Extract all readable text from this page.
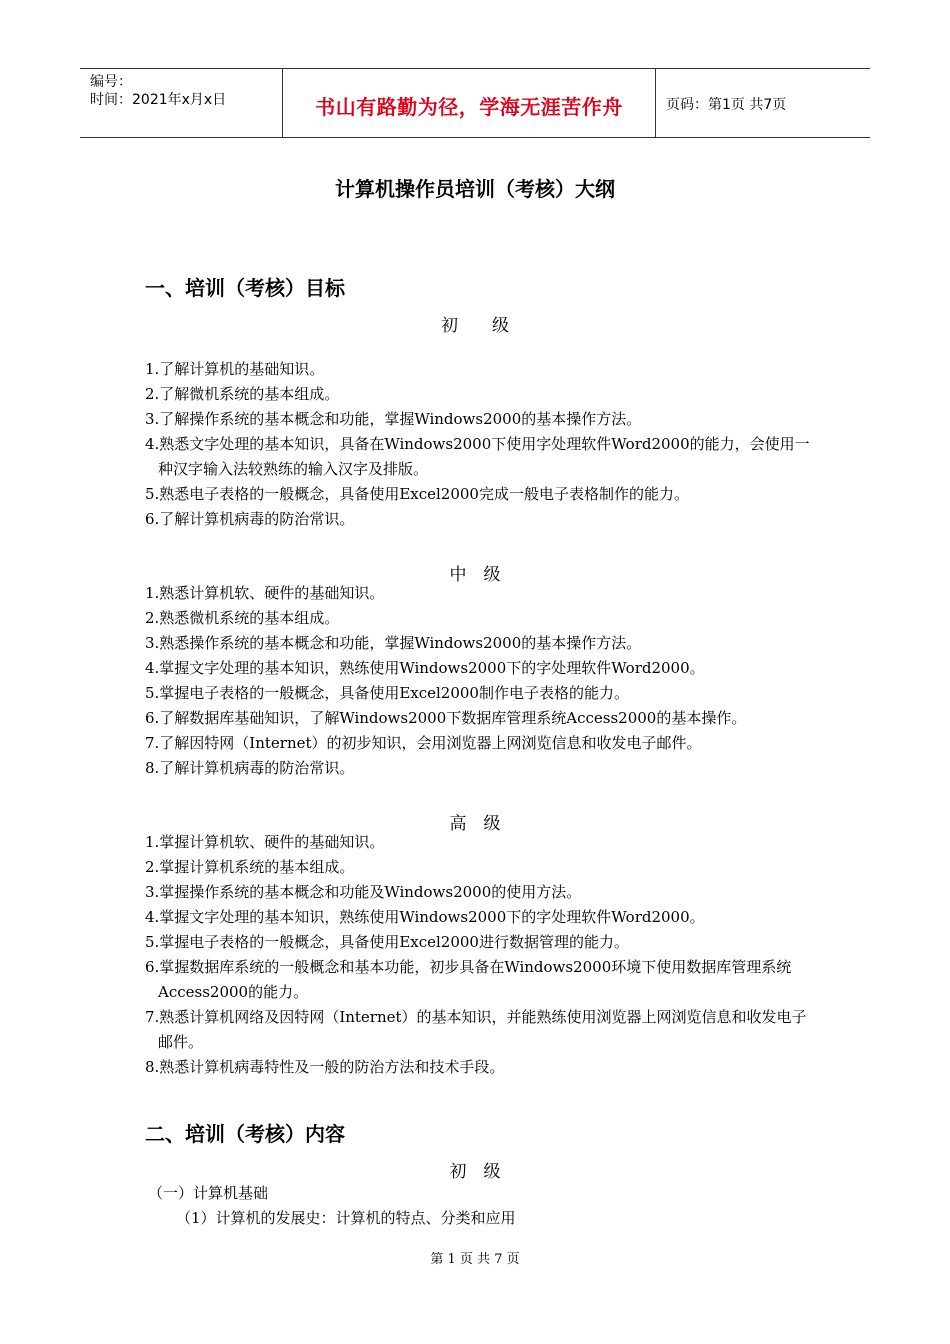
编号：
时间：2021年x月x日	书山有路勤为径，学海无涯苦作舟	页码：第1页 共7页
计算机操作员培训（考核）大纲
一、培训（考核）目标
初　　级
1.了解计算机的基础知识。
2.了解微机系统的基本组成。
3.了解操作系统的基本概念和功能，掌握Windows2000的基本操作方法。
4.熟悉文字处理的基本知识，具备在Windows2000下使用字处理软件Word2000的能力，会使用一种汉字输入法较熟练的输入汉字及排版。
5.熟悉电子表格的一般概念，具备使用Excel2000完成一般电子表格制作的能力。
6.了解计算机病毒的防治常识。
中　级
1.熟悉计算机软、硬件的基础知识。
2.熟悉微机系统的基本组成。
3.熟悉操作系统的基本概念和功能，掌握Windows2000的基本操作方法。
4.掌握文字处理的基本知识，熟练使用Windows2000下的字处理软件Word2000。
5.掌握电子表格的一般概念，具备使用Excel2000制作电子表格的能力。
6.了解数据库基础知识，了解Windows2000下数据库管理系统Access2000的基本操作。
7.了解因特网（Internet）的初步知识，会用浏览器上网浏览信息和收发电子邮件。
8.了解计算机病毒的防治常识。
高　级
1.掌握计算机软、硬件的基础知识。
2.掌握计算机系统的基本组成。
3.掌握操作系统的基本概念和功能及Windows2000的使用方法。
4.掌握文字处理的基本知识，熟练使用Windows2000下的字处理软件Word2000。
5.掌握电子表格的一般概念，具备使用Excel2000进行数据管理的能力。
6.掌握数据库系统的一般概念和基本功能，初步具备在Windows2000环境下使用数据库管理系统Access2000的能力。
7.熟悉计算机网络及因特网（Internet）的基本知识，并能熟练使用浏览器上网浏览信息和收发电子邮件。
8.熟悉计算机病毒特性及一般的防治方法和技术手段。
二、培训（考核）内容
初　级
（一）计算机基础
（1）计算机的发展史：计算机的特点、分类和应用
第 1 页 共 7 页
